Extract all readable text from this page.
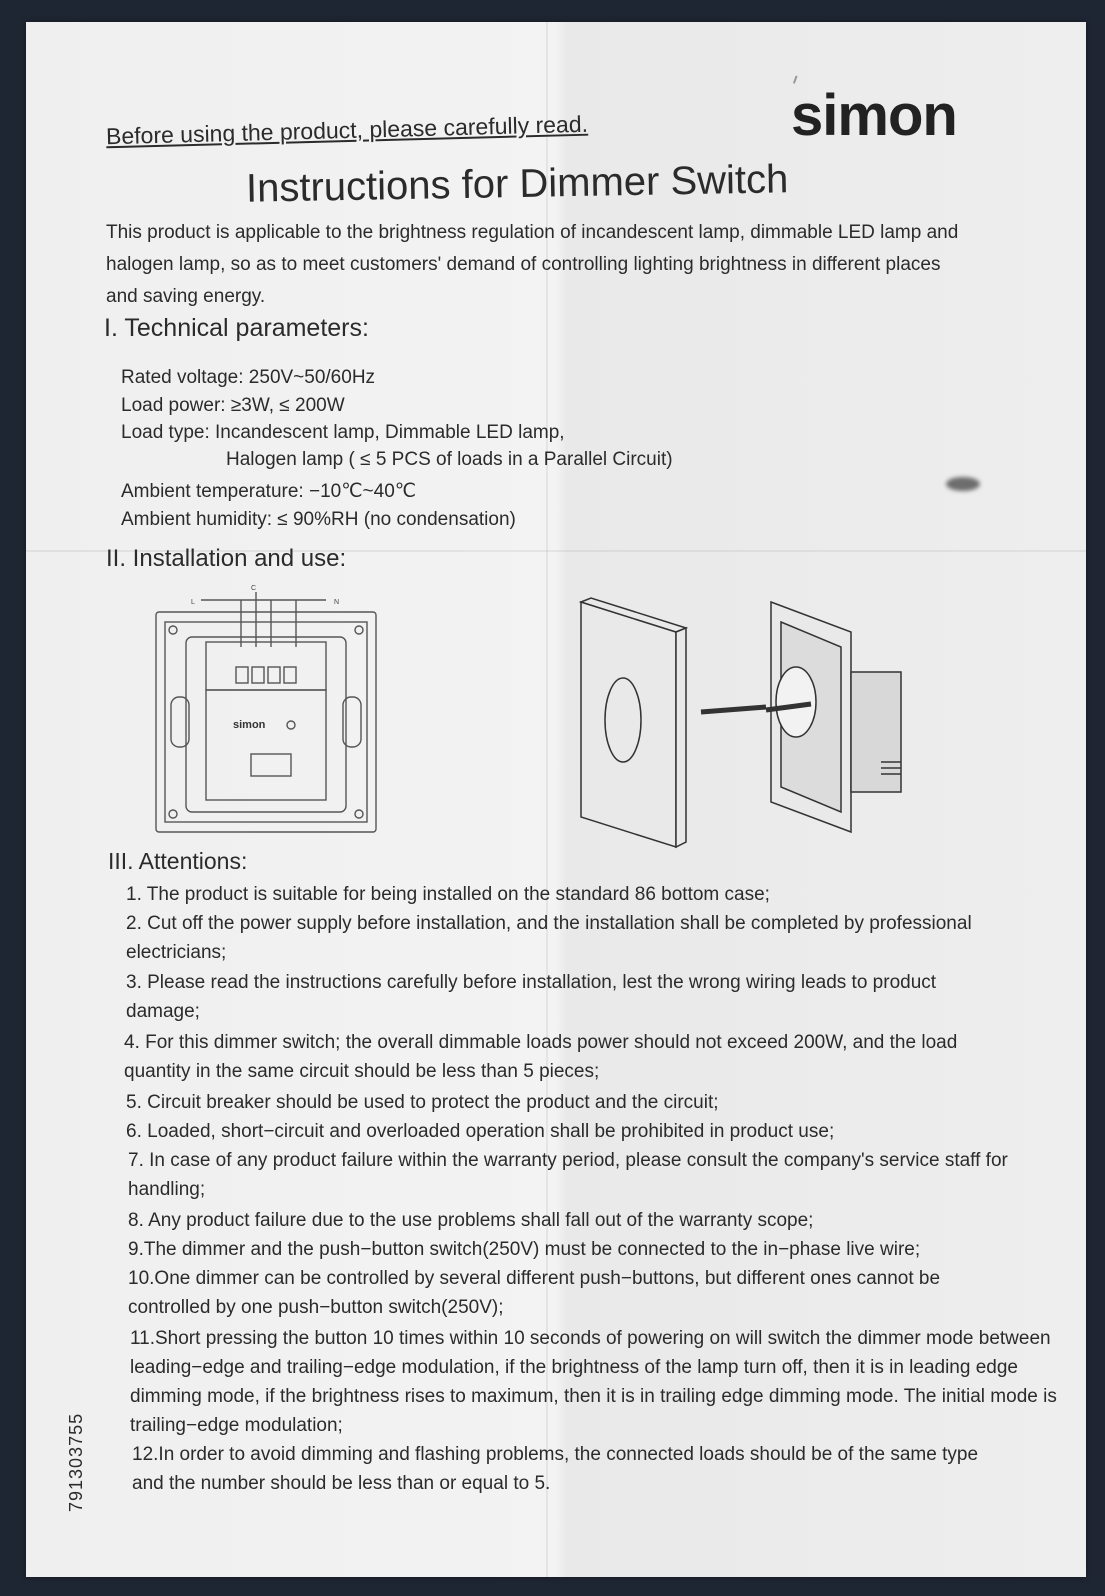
Before using the product, please carefully read.	simon
Instructions for Dimmer Switch
This product is applicable to the brightness regulation of incandescent lamp, dimmable LED lamp and halogen lamp, so as to meet customers' demand of controlling lighting brightness in different places and saving energy.
I. Technical parameters:
Rated voltage: 250V~50/60Hz
Load power: ≥3W, ≤ 200W
Load type: Incandescent lamp, Dimmable LED lamp,
Halogen lamp ( ≤ 5 PCS of loads in a Parallel Circuit)
Ambient temperature: −10℃~40℃
Ambient humidity: ≤ 90%RH (no condensation)
II. Installation and use:
L
C
N
simon
III. Attentions:
1. The product is suitable for being installed on the standard 86 bottom case;
2. Cut off the power supply before installation, and the installation shall be completed by professional electricians;
3. Please read the instructions carefully before installation, lest the wrong wiring leads to product damage;
4. For this dimmer switch; the overall dimmable loads power should not exceed 200W, and the load quantity in the same circuit should be less than 5 pieces;
5. Circuit breaker should be used to protect the product and the circuit;
6. Loaded, short−circuit and overloaded operation shall be prohibited in product use;
7. In case of any product failure within the warranty period, please consult the company's service staff for handling;
8. Any product failure due to the use problems shall fall out of the warranty scope;
9.The dimmer and the push−button switch(250V) must be connected to the in−phase live wire;
10.One dimmer can be controlled by several different push−buttons, but different ones cannot be controlled by one push−button switch(250V);
11.Short pressing the button 10 times within 10 seconds of powering on will switch the dimmer mode between leading−edge and trailing−edge modulation, if the brightness of the lamp turn off, then it is in leading edge dimming mode, if the brightness rises to maximum, then it is in trailing edge dimming mode. The initial mode is trailing−edge modulation;
12.In order to avoid dimming and flashing problems, the connected loads should be of the same type and the number should be less than or equal to 5.
791303755
